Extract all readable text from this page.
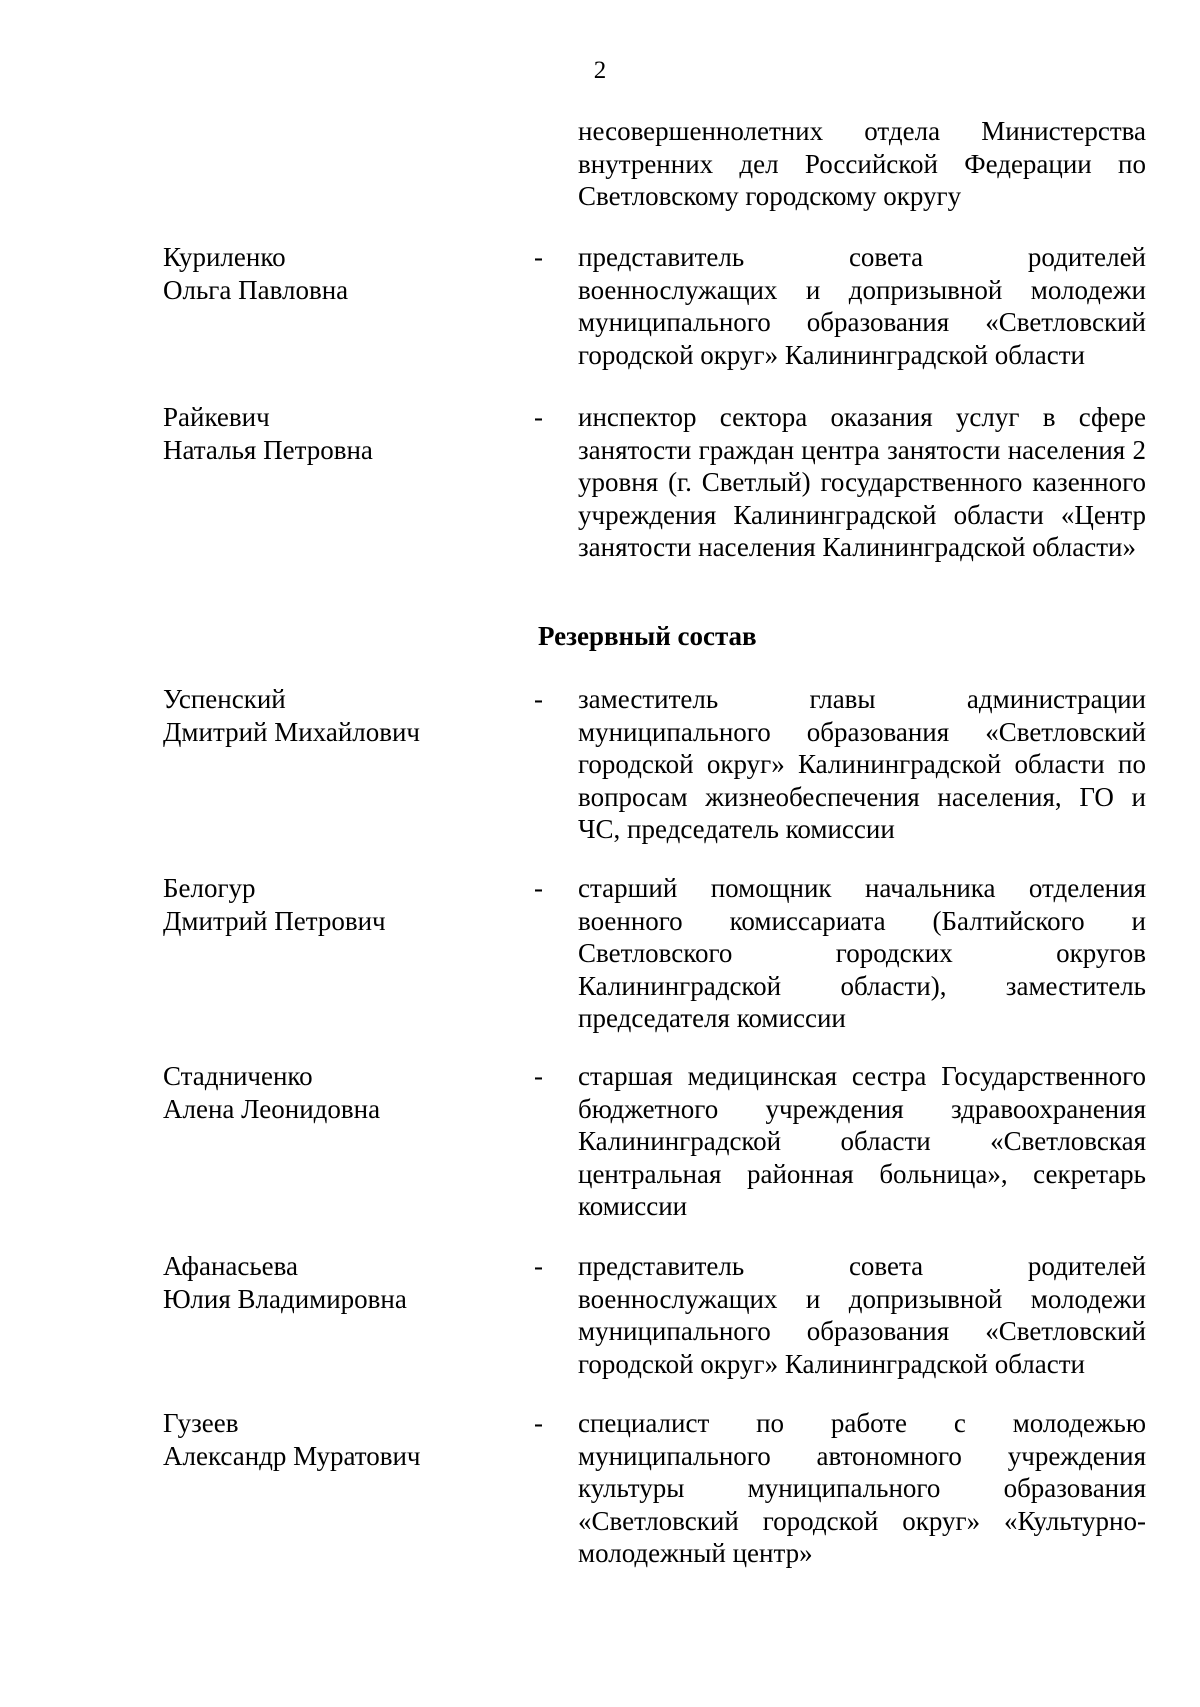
2
несовершеннолетних отдела Министерства внутренних дел Российской Федерации по Светловскому городскому округу
Куриленко
Ольга Павловна
- представитель совета родителей военнослужащих и допризывной молодежи муниципального образования «Светловский городской округ» Калининградской области
Райкевич
Наталья Петровна
- инспектор сектора оказания услуг в сфере занятости граждан центра занятости населения 2 уровня (г. Светлый) государственного казенного учреждения Калининградской области «Центр занятости населения Калининградской области»
Резервный состав
Успенский
Дмитрий Михайлович
- заместитель главы администрации муниципального образования «Светловский городской округ» Калининградской области по вопросам жизнеобеспечения населения, ГО и ЧС, председатель комиссии
Белогур
Дмитрий Петрович
- старший помощник начальника отделения военного комиссариата (Балтийского и Светловского городских округов Калининградской области), заместитель председателя комиссии
Стадниченко
Алена Леонидовна
- старшая медицинская сестра Государственного бюджетного учреждения здравоохранения Калининградской области «Светловская центральная районная больница», секретарь комиссии
Афанасьева
Юлия Владимировна
- представитель совета родителей военнослужащих и допризывной молодежи муниципального образования «Светловский городской округ» Калининградской области
Гузеев
Александр Муратович
- специалист по работе с молодежью муниципального автономного учреждения культуры муниципального образования «Светловский городской округ» «Культурно-молодежный центр»
